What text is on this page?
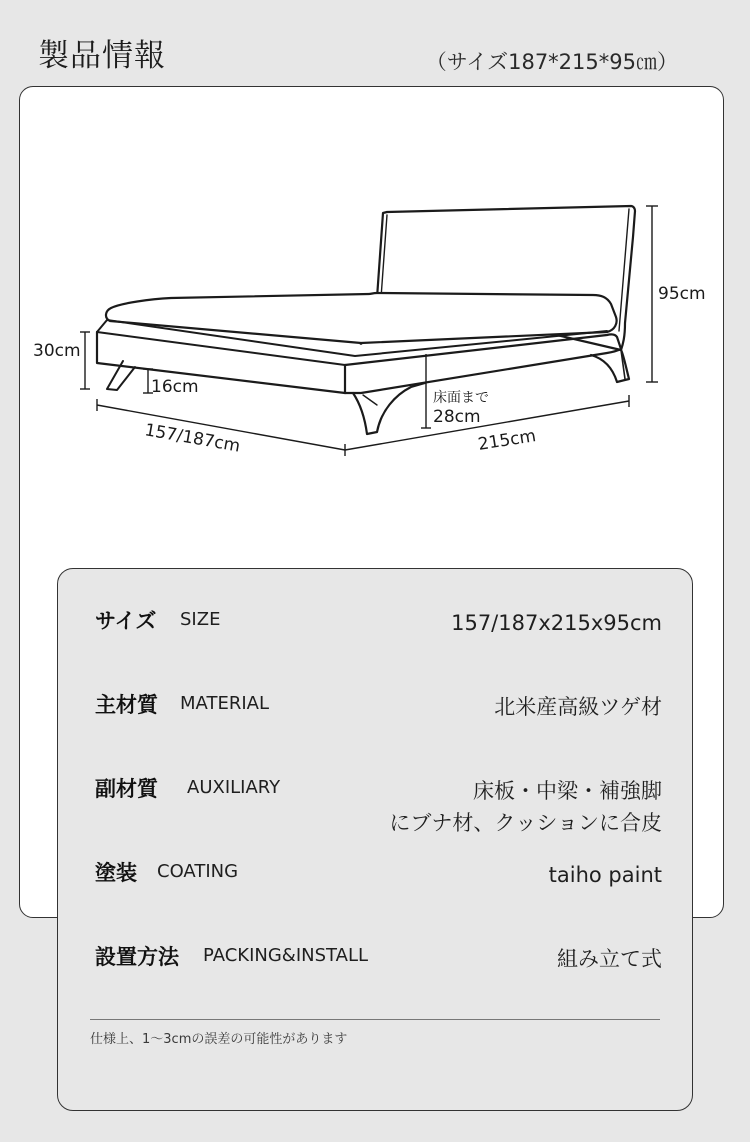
製品情報	（サイズ187*215*95㎝）
95cm
30cm
16cm
床面まで
28cm
157/187cm	215cm
サイズ SIZE	157/187x215x95cm
主材質 MATERIAL	北米産高級ツゲ材
副材質 AUXILIARY	床板・中梁・補強脚
にブナ材、クッションに合皮
塗装 COATING	taiho paint
設置方法 PACKING&INSTALL	組み立て式
仕様上、1〜3cmの誤差の可能性があります
